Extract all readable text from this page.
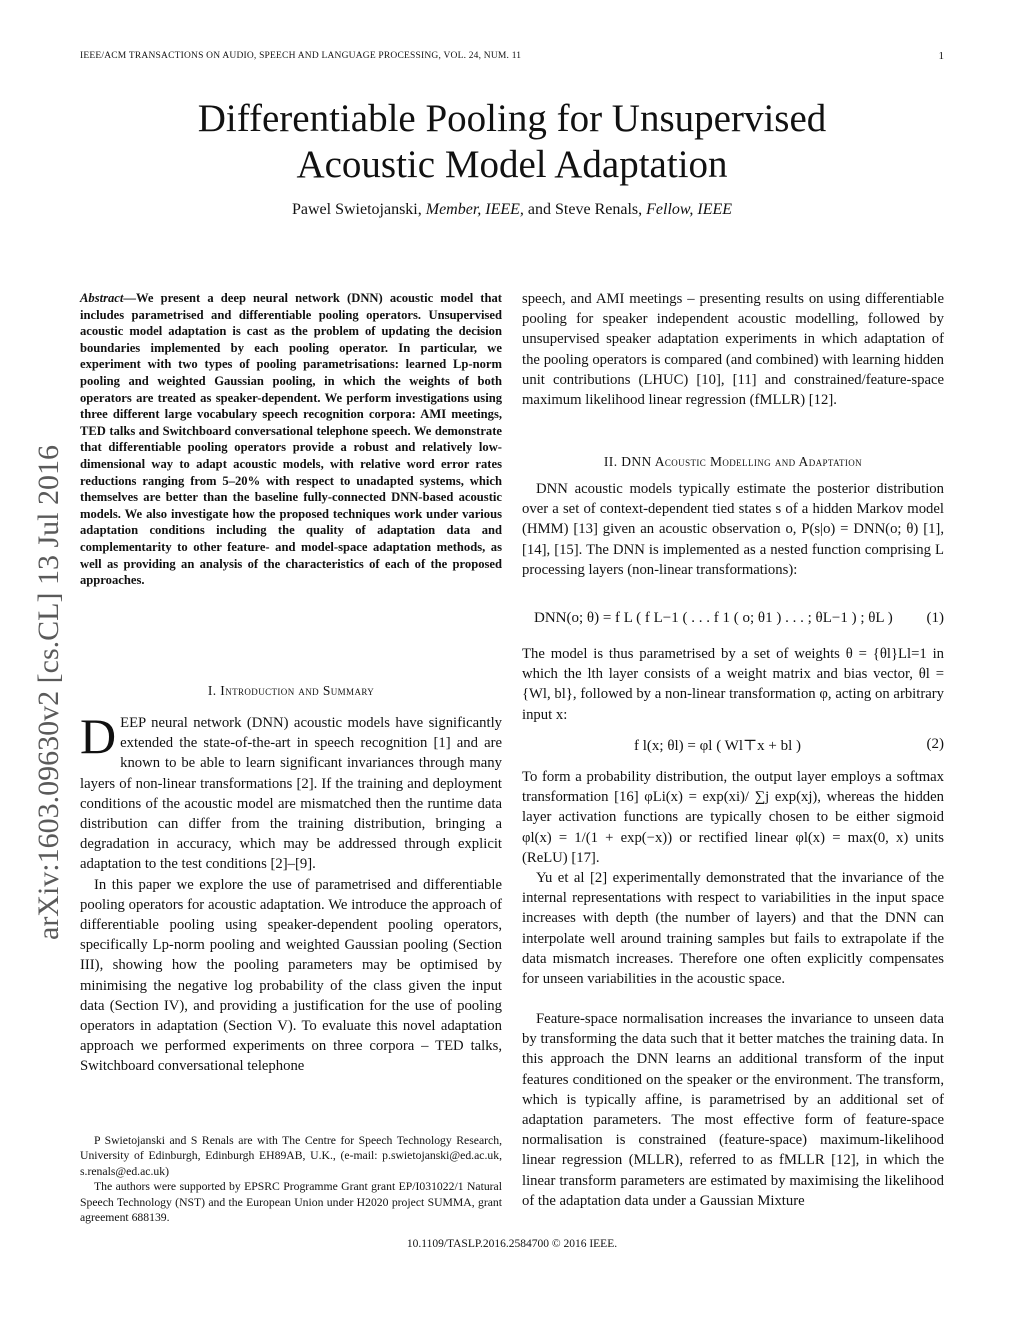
IEEE/ACM TRANSACTIONS ON AUDIO, SPEECH AND LANGUAGE PROCESSING, VOL. 24, NUM. 11	1
Differentiable Pooling for Unsupervised
Acoustic Model Adaptation
Pawel Swietojanski, Member, IEEE, and Steve Renals, Fellow, IEEE
arXiv:1603.09630v2 [cs.CL] 13 Jul 2016
Abstract—We present a deep neural network (DNN) acoustic model that includes parametrised and differentiable pooling operators. Unsupervised acoustic model adaptation is cast as the problem of updating the decision boundaries implemented by each pooling operator. In particular, we experiment with two types of pooling parametrisations: learned Lp-norm pooling and weighted Gaussian pooling, in which the weights of both operators are treated as speaker-dependent. We perform investigations using three different large vocabulary speech recognition corpora: AMI meetings, TED talks and Switchboard conversational telephone speech. We demonstrate that differentiable pooling operators provide a robust and relatively low-dimensional way to adapt acoustic models, with relative word error rates reductions ranging from 5–20% with respect to unadapted systems, which themselves are better than the baseline fully-connected DNN-based acoustic models. We also investigate how the proposed techniques work under various adaptation conditions including the quality of adaptation data and complementarity to other feature- and model-space adaptation methods, as well as providing an analysis of the characteristics of each of the proposed approaches.
I. Introduction and Summary

DEEP neural network (DNN) acoustic models have significantly extended the state-of-the-art in speech recognition [1] and are known to be able to learn significant invariances through many layers of non-linear transformations [2]. If the training and deployment conditions of the acoustic model are mismatched then the runtime data distribution can differ from the training distribution, bringing a degradation in accuracy, which may be addressed through explicit adaptation to the test conditions [2]–[9].

In this paper we explore the use of parametrised and differentiable pooling operators for acoustic adaptation. We introduce the approach of differentiable pooling using speaker-dependent pooling operators, specifically Lp-norm pooling and weighted Gaussian pooling (Section III), showing how the pooling parameters may be optimised by minimising the negative log probability of the class given the input data (Section IV), and providing a justification for the use of pooling operators in adaptation (Section V). To evaluate this novel adaptation approach we performed experiments on three corpora – TED talks, Switchboard conversational telephone

P Swietojanski and S Renals are with The Centre for Speech Technology Research, University of Edinburgh, Edinburgh EH89AB, U.K., (e-mail: p.swietojanski@ed.ac.uk, s.renals@ed.ac.uk)

The authors were supported by EPSRC Programme Grant grant EP/I031022/1 Natural Speech Technology (NST) and the European Union under H2020 project SUMMA, grant agreement 688139.

speech, and AMI meetings – presenting results on using differentiable pooling for speaker independent acoustic modelling, followed by unsupervised speaker adaptation experiments in which adaptation of the pooling operators is compared (and combined) with learning hidden unit contributions (LHUC) [10], [11] and constrained/feature-space maximum likelihood linear regression (fMLLR) [12].

II. DNN Acoustic Modelling and Adaptation

DNN acoustic models typically estimate the posterior distribution over a set of context-dependent tied states s of a hidden Markov model (HMM) [13] given an acoustic observation o, P(s|o) = DNN(o; θ) [1], [14], [15]. The DNN is implemented as a nested function comprising L processing layers (non-linear transformations):

DNN(o; θ) = f L ( f L−1 ( . . . f 1 ( o; θ1 ) . . . ; θL−1 ) ; θL ) (1)

The model is thus parametrised by a set of weights θ = {θl}Ll=1 in which the lth layer consists of a weight matrix and bias vector, θl = {Wl, bl}, followed by a non-linear transformation φ, acting on arbitrary input x:

f l(x; θl) = φl ( Wl⊤x + bl )	(2)

To form a probability distribution, the output layer employs a softmax transformation [16] φLi(x) = exp(xi)/ ∑j exp(xj), whereas the hidden layer activation functions are typically chosen to be either sigmoid φl(x) = 1/(1 + exp(−x)) or rectified linear φl(x) = max(0, x) units (ReLU) [17].

Yu et al [2] experimentally demonstrated that the invariance of the internal representations with respect to variabilities in the input space increases with depth (the number of layers) and that the DNN can interpolate well around training samples but fails to extrapolate if the data mismatch increases. Therefore one often explicitly compensates for unseen variabilities in the acoustic space.

Feature-space normalisation increases the invariance to unseen data by transforming the data such that it better matches the training data. In this approach the DNN learns an additional transform of the input features conditioned on the speaker or the environment. The transform, which is typically affine, is parametrised by an additional set of adaptation parameters. The most effective form of feature-space normalisation is constrained (feature-space) maximum-likelihood linear regression (MLLR), referred to as fMLLR [12], in which the linear transform parameters are estimated by maximising the likelihood of the adaptation data under a Gaussian Mixture

10.1109/TASLP.2016.2584700 © 2016 IEEE.
